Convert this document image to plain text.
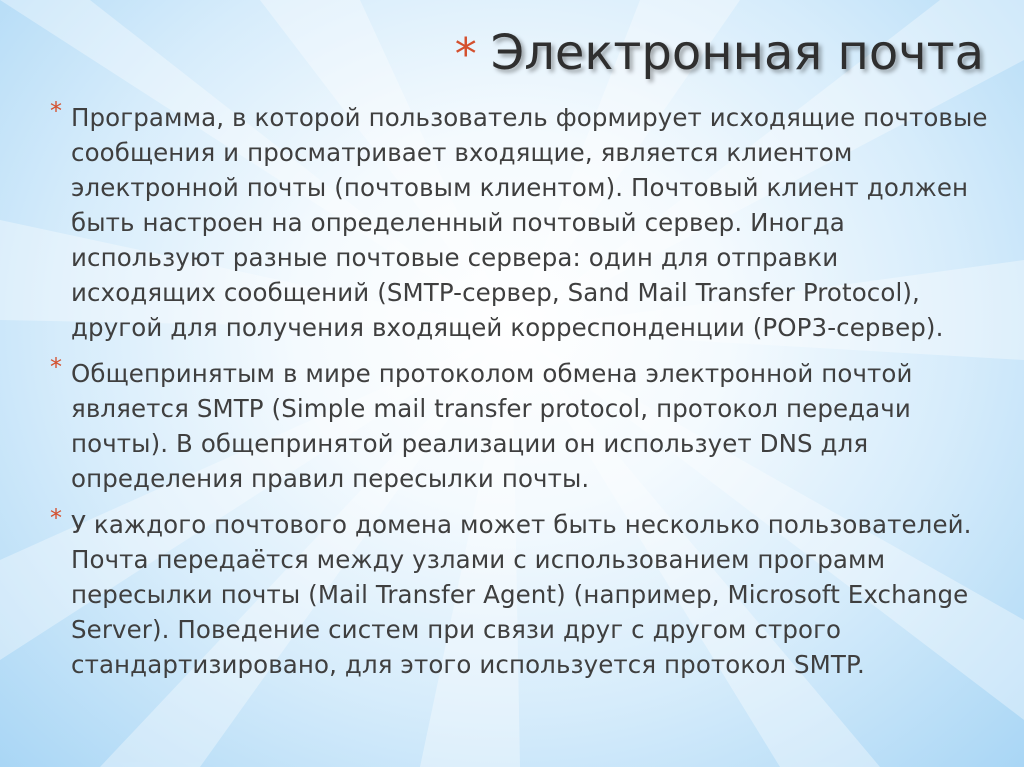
* Электронная почта

* Программа, в которой пользователь формирует исходящие почтовые сообщения и просматривает входящие, является клиентом электронной почты (почтовым клиентом). Почтовый клиент должен быть настроен на определенный почтовый сервер. Иногда используют разные почтовые сервера: один для отправки исходящих сообщений (SMTP-сервер, Sand Mail Transfer Protocol), другой для получения входящей корреспонденции (POP3-сервер).

* Общепринятым в мире протоколом обмена электронной почтой является SMTP (Simple mail transfer protocol, протокол передачи почты). В общепринятой реализации он использует DNS для определения правил пересылки почты.

* У каждого почтового домена может быть несколько пользователей. Почта передаётся между узлами с использованием программ пересылки почты (Mail Transfer Agent) (например, Microsoft Exchange Server). Поведение систем при связи друг с другом строго стандартизировано, для этого используется протокол SMTP.
